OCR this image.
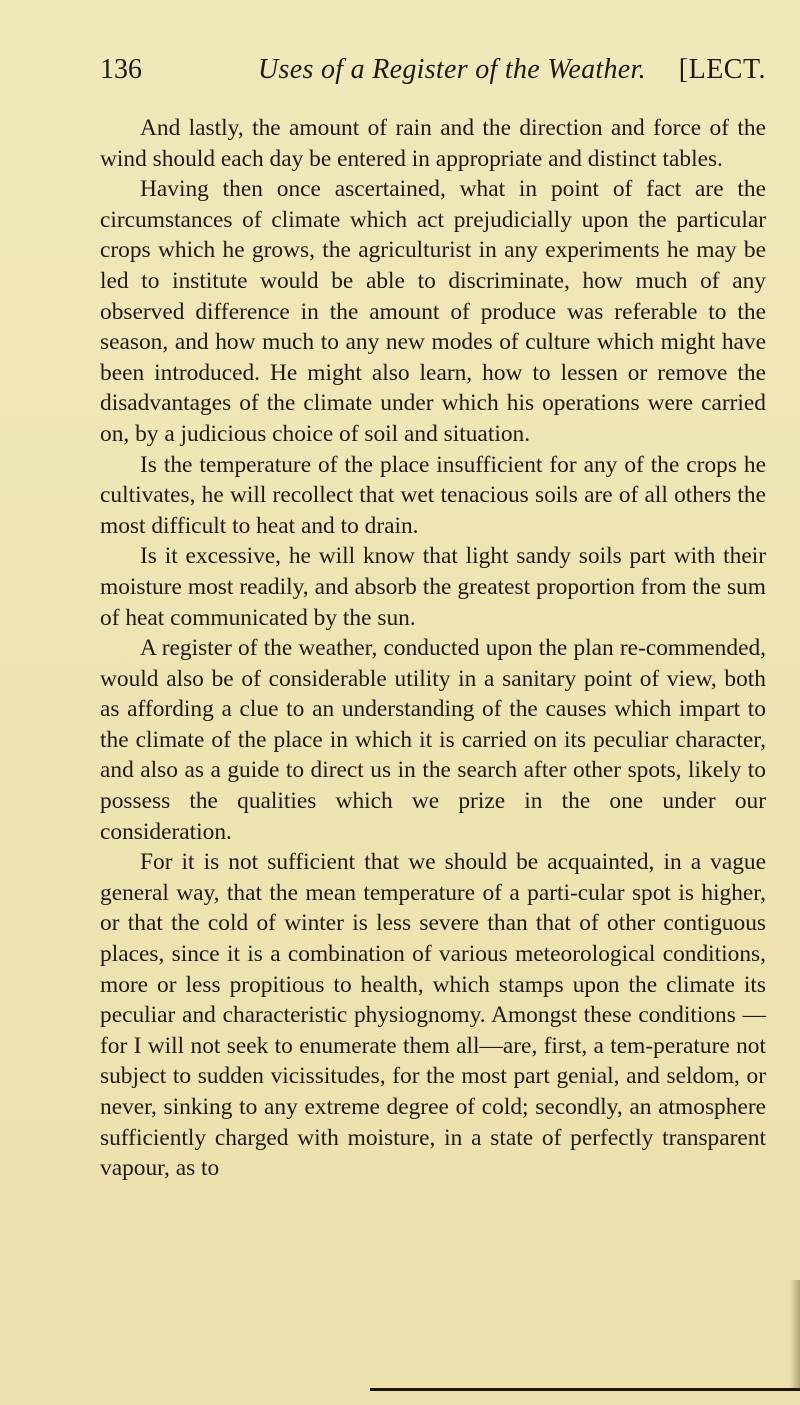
136	Uses of a Register of the Weather. [LECT.

And lastly, the amount of rain and the direction and force of the wind should each day be entered in appropriate and distinct tables.

Having then once ascertained, what in point of fact are the circumstances of climate which act prejudicially upon the particular crops which he grows, the agriculturist in any experiments he may be led to institute would be able to discriminate, how much of any observed difference in the amount of produce was referable to the season, and how much to any new modes of culture which might have been introduced. He might also learn, how to lessen or remove the disadvantages of the climate under which his operations were carried on, by a judicious choice of soil and situation.

Is the temperature of the place insufficient for any of the crops he cultivates, he will recollect that wet tenacious soils are of all others the most difficult to heat and to drain.

Is it excessive, he will know that light sandy soils part with their moisture most readily, and absorb the greatest proportion from the sum of heat communicated by the sun.

A register of the weather, conducted upon the plan re-commended, would also be of considerable utility in a sanitary point of view, both as affording a clue to an understanding of the causes which impart to the climate of the place in which it is carried on its peculiar character, and also as a guide to direct us in the search after other spots, likely to possess the qualities which we prize in the one under our consideration.

For it is not sufficient that we should be acquainted, in a vague general way, that the mean temperature of a parti-cular spot is higher, or that the cold of winter is less severe than that of other contiguous places, since it is a combination of various meteorological conditions, more or less propitious to health, which stamps upon the climate its peculiar and characteristic physiognomy. Amongst these conditions — for I will not seek to enumerate them all—are, first, a tem-perature not subject to sudden vicissitudes, for the most part genial, and seldom, or never, sinking to any extreme degree of cold; secondly, an atmosphere sufficiently charged with moisture, in a state of perfectly transparent vapour, as to
